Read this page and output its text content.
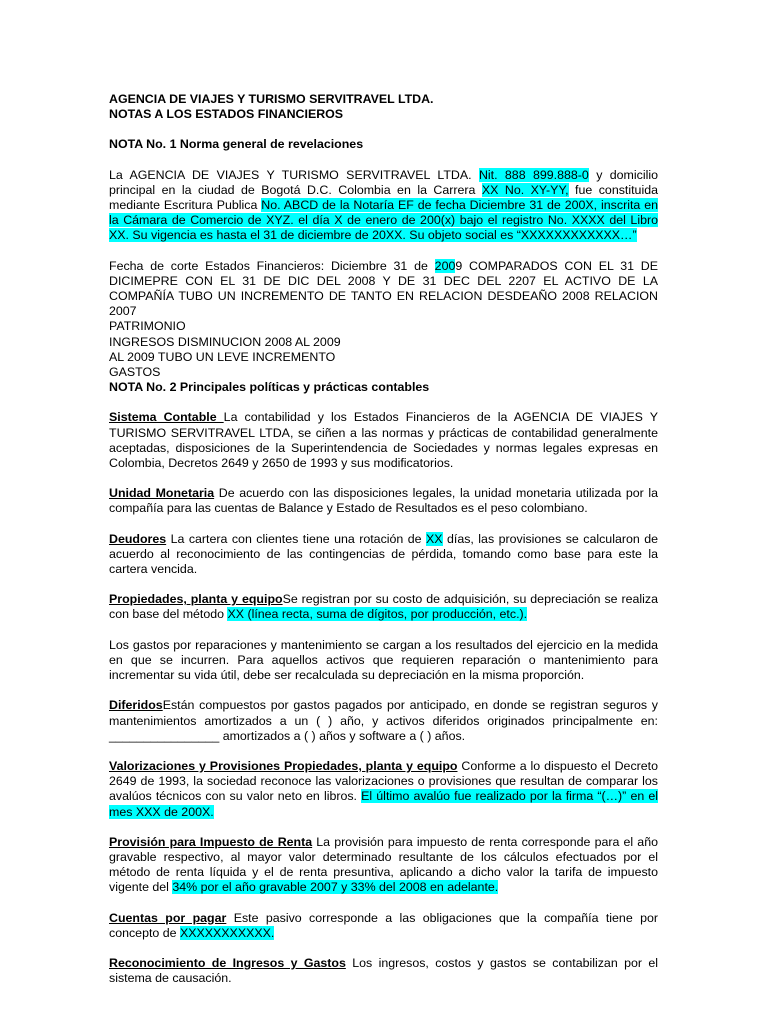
AGENCIA DE VIAJES Y TURISMO SERVITRAVEL LTDA.

NOTAS A LOS ESTADOS FINANCIEROS

NOTA No. 1 Norma general de revelaciones

La AGENCIA DE VIAJES Y TURISMO SERVITRAVEL LTDA. Nit. 888 899.888-0 y domicilio principal en la ciudad de Bogotá D.C. Colombia en la Carrera XX No. XY-YY, fue constituida mediante Escritura Publica No. ABCD de la Notaría EF de fecha Diciembre 31 de 200X, inscrita en la Cámara de Comercio de XYZ. el día X de enero de 200(x) bajo el registro No. XXXX del Libro XX. Su vigencia es hasta el 31 de diciembre de 20XX. Su objeto social es “XXXXXXXXXXXX…”

Fecha de corte Estados Financieros: Diciembre 31 de 2009 COMPARADOS CON EL 31 DE DICIMEPRE CON EL 31 DE DIC DEL 2008 Y DE 31 DEC DEL 2207 EL ACTIVO DE LA COMPAÑÍA TUBO UN INCREMENTO DE TANTO EN RELACION DESDEAÑO 2008 RELACION 2007

PATRIMONIO

INGRESOS DISMINUCION 2008 AL 2009

AL 2009 TUBO UN LEVE INCREMENTO

GASTOS

NOTA No. 2 Principales políticas y prácticas contables

Sistema Contable La contabilidad y los Estados Financieros de la AGENCIA DE VIAJES Y TURISMO SERVITRAVEL LTDA, se ciñen a las normas y prácticas de contabilidad generalmente aceptadas, disposiciones de la Superintendencia de Sociedades y normas legales expresas en Colombia, Decretos 2649 y 2650 de 1993 y sus modificatorios.

Unidad Monetaria De acuerdo con las disposiciones legales, la unidad monetaria utilizada por la compañía para las cuentas de Balance y Estado de Resultados es el peso colombiano.

Deudores La cartera con clientes tiene una rotación de XX días, las provisiones se calcularon de acuerdo al reconocimiento de las contingencias de pérdida, tomando como base para este la cartera vencida.

Propiedades, planta y equipoSe registran por su costo de adquisición, su depreciación se realiza con base del método XX (línea recta, suma de dígitos, por producción, etc.).

Los gastos por reparaciones y mantenimiento se cargan a los resultados del ejercicio en la medida en que se incurren. Para aquellos activos que requieren reparación o mantenimiento para incrementar su vida útil, debe ser recalculada su depreciación en la misma proporción.

DiferidosEstán compuestos por gastos pagados por anticipado, en donde se registran seguros y mantenimientos amortizados a un ( ) año, y activos diferidos originados principalmente en: ________________ amortizados a ( ) años y software a ( ) años.

Valorizaciones y Provisiones Propiedades, planta y equipo Conforme a lo dispuesto el Decreto 2649 de 1993, la sociedad reconoce las valorizaciones o provisiones que resultan de comparar los avalúos técnicos con su valor neto en libros. El último avalúo fue realizado por la firma “(…)” en el mes XXX de 200X.

Provisión para Impuesto de Renta La provisión para impuesto de renta corresponde para el año gravable respectivo, al mayor valor determinado resultante de los cálculos efectuados por el método de renta líquida y el de renta presuntiva, aplicando a dicho valor la tarifa de impuesto vigente del 34% por el año gravable 2007 y 33% del 2008 en adelante.

Cuentas por pagar Este pasivo corresponde a las obligaciones que la compañía tiene por concepto de XXXXXXXXXXX.

Reconocimiento de Ingresos y Gastos Los ingresos, costos y gastos se contabilizan por el sistema de causación.
